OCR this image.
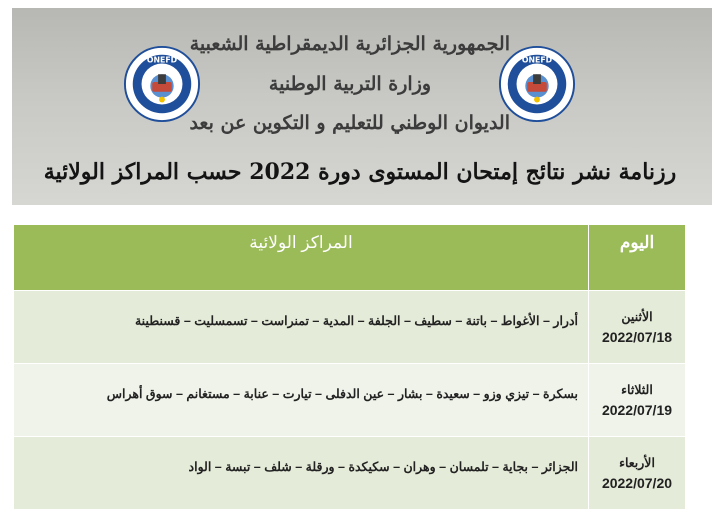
ONEFD	ONEFD
الجمهورية الجزائرية الديمقراطية الشعبية
وزارة التربية الوطنية
الديوان الوطني للتعليم و التكوين عن بعد
رزنامة نشر نتائج إمتحان المستوى دورة 2022 حسب المراكز الولائية
اليوم	المراكز الولائية

الأثنين
2022/07/18	أدرار – الأغواط – باتنة – سطيف – الجلفة – المدية – تمنراست – تسمسليت – قسنطينة

الثلاثاء
2022/07/19	بسكرة – تيزي وزو – سعيدة – بشار – عين الدفلى – تيارت – عنابة – مستغانم – سوق أهراس

الأربعاء
2022/07/20	الجزائر – بجاية – تلمسان – وهران – سكيكدة – ورقلة – شلف – تبسة – الواد
